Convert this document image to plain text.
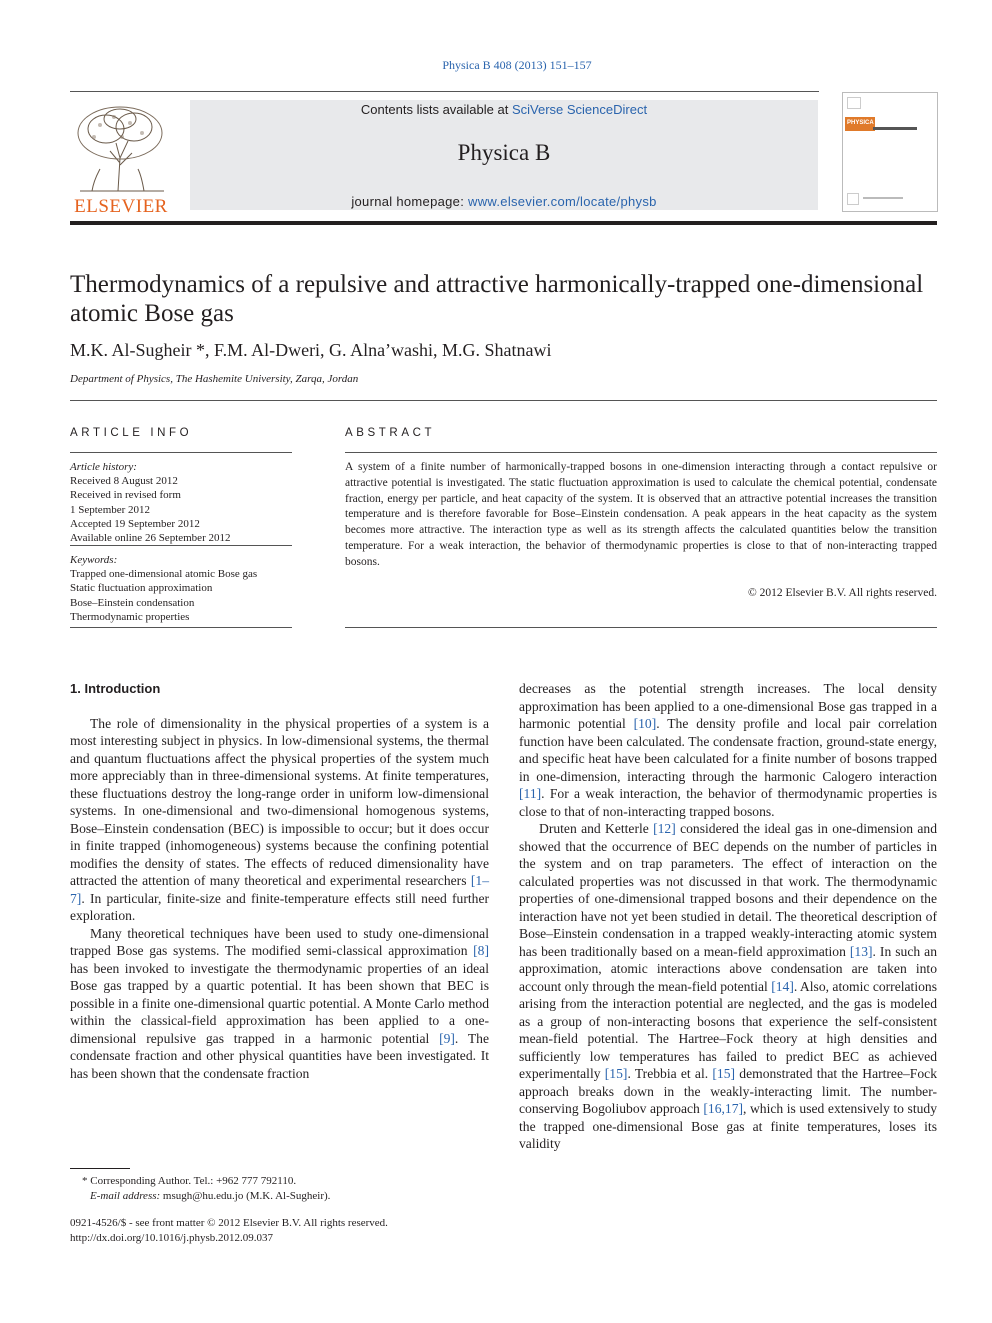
Physica B 408 (2013) 151–157
ELSEVIER
Contents lists available at SciVerse ScienceDirect
Physica B
journal homepage: www.elsevier.com/locate/physb
PHYSICA
Thermodynamics of a repulsive and attractive harmonically-trapped one-dimensional atomic Bose gas
M.K. Al-Sugheir *, F.M. Al-Dweri, G. Alna’washi, M.G. Shatnawi
Department of Physics, The Hashemite University, Zarqa, Jordan
ARTICLE INFO
Article history:
Received 8 August 2012
Received in revised form
1 September 2012
Accepted 19 September 2012
Available online 26 September 2012
Keywords:
Trapped one-dimensional atomic Bose gas
Static fluctuation approximation
Bose–Einstein condensation
Thermodynamic properties
ABSTRACT
A system of a finite number of harmonically-trapped bosons in one-dimension interacting through a contact repulsive or attractive potential is investigated. The static fluctuation approximation is used to calculate the chemical potential, condensate fraction, energy per particle, and heat capacity of the system. It is observed that an attractive potential increases the transition temperature and is therefore favorable for Bose–Einstein condensation. A peak appears in the heat capacity as the system becomes more attractive. The interaction type as well as its strength affects the calculated quantities below the transition temperature. For a weak interaction, the behavior of thermodynamic properties is close to that of non-interacting trapped bosons.
© 2012 Elsevier B.V. All rights reserved.
1. Introduction

The role of dimensionality in the physical properties of a system is a most interesting subject in physics. In low-dimensional systems, the thermal and quantum fluctuations affect the physical properties of the system much more appreciably than in three-dimensional systems. At finite temperatures, these fluctuations destroy the long-range order in uniform low-dimensional systems. In one-dimensional and two-dimensional homogenous systems, Bose–Einstein condensation (BEC) is impossible to occur; but it does occur in finite trapped (inhomogeneous) systems because the confining potential modifies the density of states. The effects of reduced dimensionality have attracted the attention of many theoretical and experimental researchers [1–7]. In particular, finite-size and finite-temperature effects still need further exploration.

Many theoretical techniques have been used to study one-dimensional trapped Bose gas systems. The modified semi-classical approximation [8] has been invoked to investigate the thermodynamic properties of an ideal Bose gas trapped by a quartic potential. It has been shown that BEC is possible in a finite one-dimensional quartic potential. A Monte Carlo method within the classical-field approximation has been applied to a one-dimensional repulsive gas trapped in a harmonic potential [9]. The condensate fraction and other physical quantities have been investigated. It has been shown that the condensate fraction

decreases as the potential strength increases. The local density approximation has been applied to a one-dimensional Bose gas trapped in a harmonic potential [10]. The density profile and local pair correlation function have been calculated. The condensate fraction, ground-state energy, and specific heat have been calculated for a finite number of bosons trapped in one-dimension, interacting through the harmonic Calogero interaction [11]. For a weak interaction, the behavior of thermodynamic properties is close to that of non-interacting trapped bosons.

Druten and Ketterle [12] considered the ideal gas in one-dimension and showed that the occurrence of BEC depends on the number of particles in the system and on trap parameters. The effect of interaction on the calculated properties was not discussed in that work. The thermodynamic properties of one-dimensional trapped bosons and their dependence on the interaction have not yet been studied in detail. The theoretical description of Bose–Einstein condensation in a trapped weakly-interacting atomic system has been traditionally based on a mean-field approximation [13]. In such an approximation, atomic interactions above condensation are taken into account only through the mean-field potential [14]. Also, atomic correlations arising from the interaction potential are neglected, and the gas is modeled as a group of non-interacting bosons that experience the self-consistent mean-field potential. The Hartree–Fock theory at high densities and sufficiently low temperatures has failed to predict BEC as achieved experimentally [15]. Trebbia et al. [15] demonstrated that the Hartree–Fock approach breaks down in the weakly-interacting limit. The number-conserving Bogoliubov approach [16,17], which is used extensively to study the trapped one-dimensional Bose gas at finite temperatures, loses its validity

* Corresponding Author. Tel.: +962 777 792110.
E-mail address: msugh@hu.edu.jo (M.K. Al-Sugheir).
0921-4526/$ - see front matter © 2012 Elsevier B.V. All rights reserved.
http://dx.doi.org/10.1016/j.physb.2012.09.037
